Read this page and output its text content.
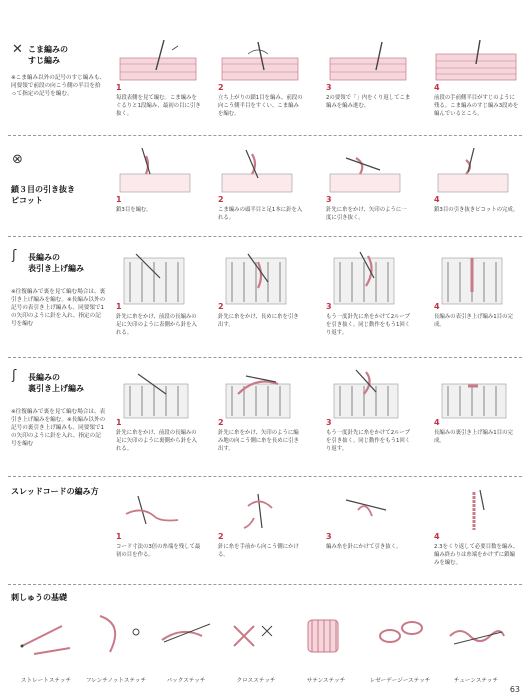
✕ こま編みの
すじ編み
※こま編み以外の記号のすじ編みも、同要領で前段の向こう側の半目を拾って指定の記号を編む。
1
毎段表側を見て編む。こま編みをぐるりと1段編み、最初の目に引き抜く。
2
立ち上がりの鎖1目を編み、前段の向こう側半目をすくい、こま編みを編む。
3
2の要領で「」内をくり返してこま編みを編み進む。
4
前段の手前側半目がすじのように残る。こま編みのすじ編み3段めを編んでいるところ。
⊗
鎖３目の引き抜き
ピコット	1
鎖3目を編む。
2
こま編みの頭半目と足1本に針を入れる。
3
針先に糸をかけ、矢印のように一度に引き抜く。
4
鎖3目の引き抜きピコットの完成。
ʃ 長編みの
表引き上げ編み
※往復編みで裏を見て編む場合は、裏引き上げ編みを編む。※長編み以外の記号の表引き上げ編みも、同要領で1の矢印のように針を入れ、指定の記号を編む
1
針先に糸をかけ、前段の長編みの足に矢印のように表側から針を入れる。
2
針先に糸をかけ、長めに糸を引き出す。
3
もう一度針先に糸をかけて2ループを引き抜く。同じ動作をもう1回くり返す。
4
長編みの表引き上げ編み1目の完成。
ʃ 長編みの
裏引き上げ編み
※往復編みで裏を見て編む場合は、表引き上げ編みを編む。※長編み以外の記号の裏引き上げ編みも、同要領で1の矢印のように針を入れ、指定の記号を編む
1
針先に糸をかけ、前段の長編みの足に矢印のように裏側から針を入れる。
2
針先に糸をかけ、矢印のように編み地の向こう側に糸を長めに引き出す。
3
もう一度針先に糸をかけて2ループを引き抜く。同じ動作をもう1回くり返す。
4
長編みの裏引き上げ編み1目の完成。
スレッドコードの編み方
1
コード寸法の3倍の糸端を残して最初の目を作る。
2
針に糸を手前から向こう側にかける。
3
編み糸を針にかけて引き抜く。
4
2.3をくり返して必要目数を編み、編み終わりは糸端をかけずに鎖編みを編む。
刺しゅうの基礎
ストレートステッチ	フレンチノットステッチ	バックステッチ	クロスステッチ	サテンステッチ	レゼーデージーステッチ	チェーンステッチ
63
